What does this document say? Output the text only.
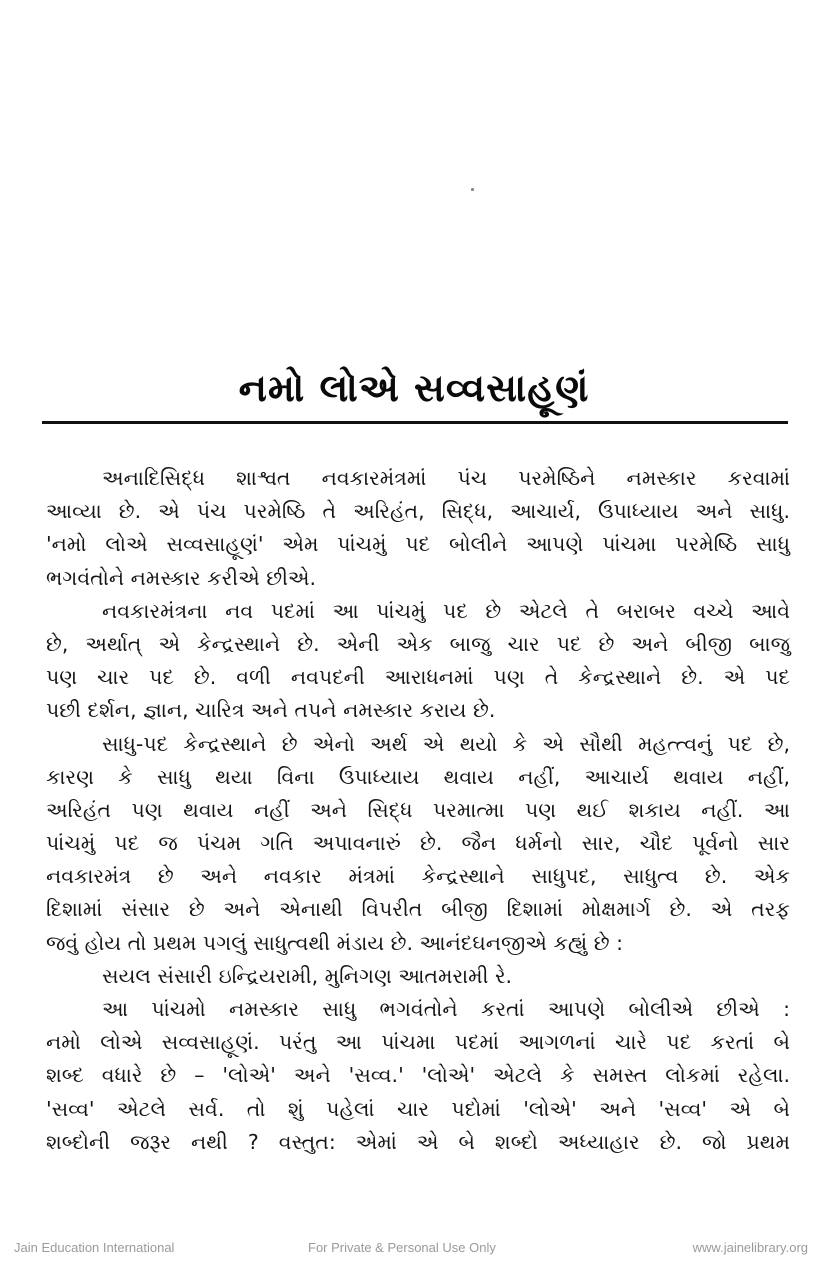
નમો લોએ સવ્વસાહૂણં
અનાદિસિદ્ધ શાશ્વત નવકારમંત્રમાં પંચ પરમેષ્ઠિને નમસ્કાર કરવામાં
આવ્યા છે. એ પંચ પરમેષ્ઠિ તે અરિહંત, સિદ્ધ, આચાર્ય, ઉપાધ્યાય અને સાધુ.
'નમો લોએ સવ્વસાહૂણં' એમ પાંચમું પદ બોલીને આપણે પાંચમા પરમેષ્ઠિ સાધુ
ભગવંતોને નમસ્કાર કરીએ છીએ.
નવકારમંત્રના નવ પદમાં આ પાંચમું પદ છે એટલે તે બરાબર વચ્ચે આવે
છે, અર્થાત્ એ કેન્દ્રસ્થાને છે. એની એક બાજુ ચાર પદ છે અને બીજી બાજુ
પણ ચાર પદ છે. વળી નવપદની આરાધનમાં પણ તે કેન્દ્રસ્થાને છે. એ પદ
પછી દર્શન, જ્ઞાન, ચારિત્ર અને તપને નમસ્કાર કરાય છે.
સાધુ-પદ કેન્દ્રસ્થાને છે એનો અર્થ એ થયો કે એ સૌથી મહત્ત્વનું પદ છે,
કારણ કે સાધુ થયા વિના ઉપાધ્યાય થવાય નહીં, આચાર્ય થવાય નહીં,
અરિહંત પણ થવાય નહીં અને સિદ્ધ પરમાત્મા પણ થઈ શકાય નહીં. આ
પાંચમું પદ જ પંચમ ગતિ અપાવનારું છે. જૈન ધર્મનો સાર, ચૌદ પૂર્વનો સાર
નવકારમંત્ર છે અને નવકાર મંત્રમાં કેન્દ્રસ્થાને સાધુપદ, સાધુત્વ છે. એક
દિશામાં સંસાર છે અને એનાથી વિપરીત બીજી દિશામાં મોક્ષમાર્ગ છે. એ તરફ
જવું હોય તો પ્રથમ પગલું સાધુત્વથી મંડાય છે. આનંદઘનજીએ કહ્યું છે :
સયલ સંસારી ઇન્દ્રિયરામી, મુનિગણ આતમરામી રે.
આ પાંચમો નમસ્કાર સાધુ ભગવંતોને કરતાં આપણે બોલીએ છીએ :
નમો લોએ સવ્વસાહૂણં. પરંતુ આ પાંચમા પદમાં આગળનાં ચારે પદ કરતાં બે
શબ્દ વધારે છે – 'લોએ' અને 'સવ્વ.' 'લોએ' એટલે કે સમસ્ત લોકમાં રહેલા.
'સવ્વ' એટલે સર્વ. તો શું પહેલાં ચાર પદોમાં 'લોએ' અને 'સવ્વ' એ બે
શબ્દોની જરૂર નથી ? વસ્તુત: એમાં એ બે શબ્દો અધ્યાહાર છે. જો પ્રથમ
Jain Education International	For Private & Personal Use Only	www.jainelibrary.org
